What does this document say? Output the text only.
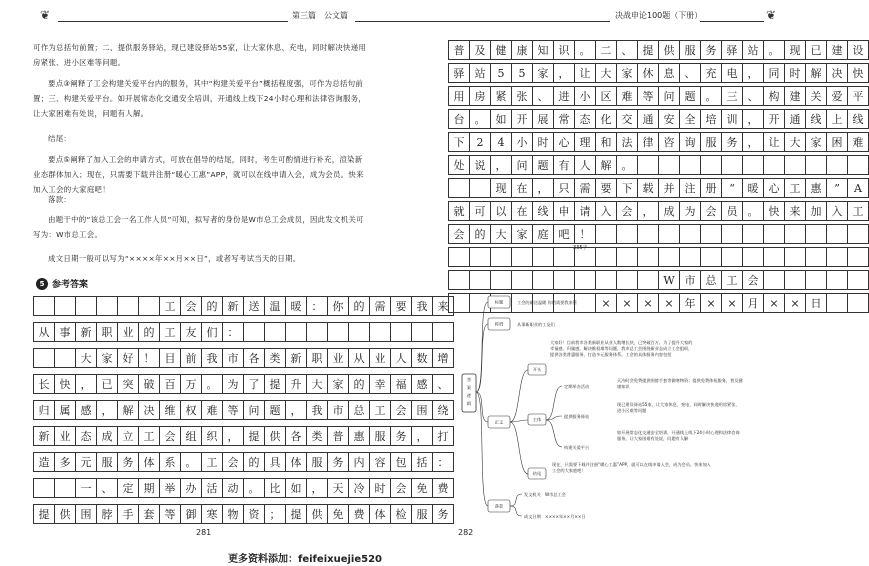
❦	第三篇　公文篇
可作为总括句前置；二、提供服务驿站，现已建设驿站55家，让大家休息、充电，同时解决快递用房紧张、进小区难等问题。
要点③阐释了工会构建关爱平台内的服务，其中“构建关爱平台”概括程度强，可作为总括句前置；三、构建关爱平台。如开展常态化交通安全培训，开通线上线下24小时心理和法律咨询服务，让大家困难有处说，问题有人解。
结尾：
要点⑤阐释了加入工会的申请方式，可放在倡导的结尾，同时，考生可酌情进行补充，渲染新业态群体加入；现在，只需要下载并注册“暖心工惠”APP，就可以在线申请入会，成为会员。快来加入工会的大家庭吧！
落款：
由题干中的“该总工会一名工作人员”可知，拟写者的身份是W市总工会成员，因此发文机关可写为：W市总工会。
成文日期一般可以写为“××××年××月××日”，或者写考试当天的日期。
5 参考答案
工 会 的 新 送 温 暖 ： 你 的 需 要 我 来
从 事 新 职 业 的 工 友 们 ：
大 家 好 ！ 目 前 我 市 各 类 新 职 业 从 业 人 数 增
长 快 ， 已 突 破 百 万 。 为 了 提 升 大 家 的 幸 福 感 、
归 属 感 ， 解 决 维 权 难 等 问 题 ， 我 市 总 工 会 围 绕
新 业 态 成 立 工 会 组 织 ， 提 供 各 类 普 惠 服 务 ， 打
造 多 元 服 务 体 系 。 工 会 的 具 体 服 务 内 容 包 括 ：
一 、 定 期 举 办 活 动 。 比 如 ， 天 冷 时 会 免 费
提 供 围 脖 手 套 等 御 寒 物 资 ； 提 供 免 费 体 检 服 务
281
决战申论100题（下册）	❦
普 及 健 康 知 识 。 二 、 提 供 服 务 驿 站 。 现 已 建 设
驿 站	5	5	家 ， 让 大 家 休 息 、 充 电 ， 同 时 解 决 快
用 房 紧 张 、 进 小 区 难 等 问 题 。 三 、 构 建 关 爱 平
台 。 如 开 展 常 态 化 交 通 安 全 培 训 ， 开 通 线 上 线
下	2	4	小 时 心 理 和 法 律 咨 询 服 务 ， 让 大 家 困 难
处 说 ， 问 题 有 人 解 。
现 在 ， 只 需 要 下 载 并 注 册	“	暖 心 工 惠	”	A
就 可 以 在 线 申 请 入 会 ， 成 为 会 员 。 快 来 加 入 工
会 的 大 家 庭 吧 ！
W 市 总 工 会
×	×	×	× 年 ×	× 月 ×	× 日
答案逻辑
标题	工会的新送温暖 你的需要我来管
称谓	从事新职业的工友们
正文
开头
大家好！目前我市各类新职业从业人数增长快，已突破百万。为了提升大家的幸福感、归属感，解决维权难等问题，我市总工会围绕新业态成立工会组织，提供各类普惠服务，打造多元服务体系。工会的具体服务内容包括
主体
定期举办活动
天冷时会免费提供围脖手套等御寒物资；提供免费体检服务，普及健康知识
提供服务驿站
现已建设驿站55家，让大家休息、充电，同时解决快递用房紧张、进小区难等问题
构建关爱平台
如开展常态化交通安全培训，开通线上线下24小时心理和法律咨询服务，让大家困难有处说，问题有人解
结尾
现在，只需要下载并注册“暖心工惠”APP，就可以在线申请入会，成为会员。快来加入工会的大家庭吧！
落款
发文机关　W市总工会
成文日期　××××年××月××日
282
335字
更多资料添加：feifeixuejie520
